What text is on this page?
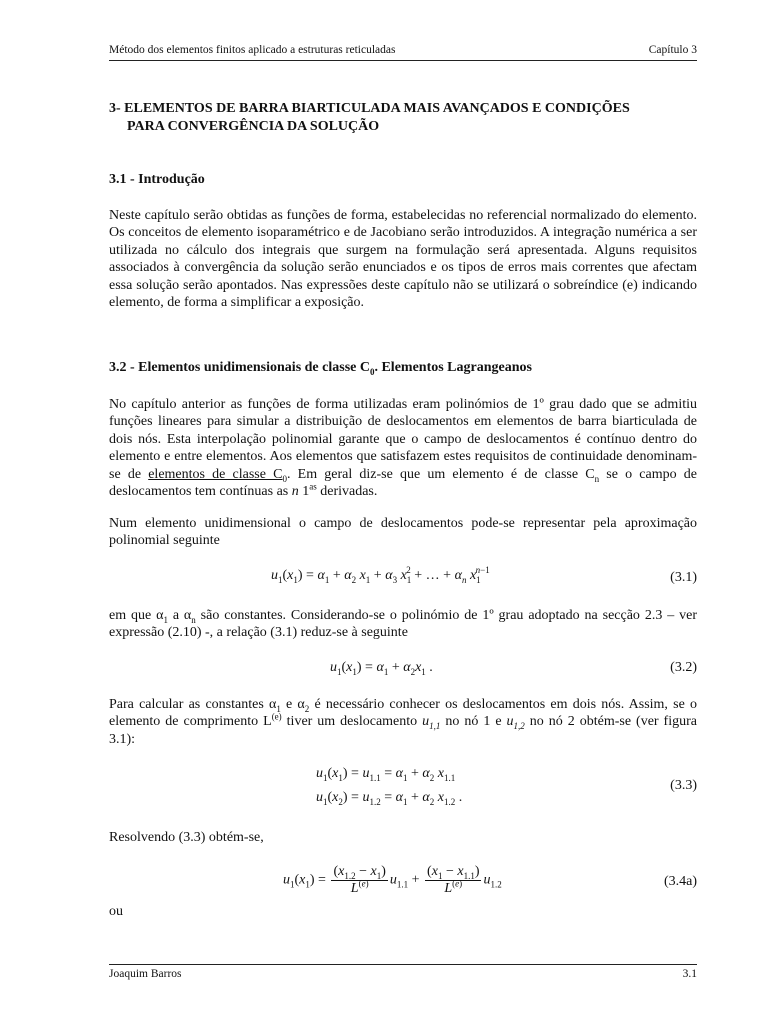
Método dos elementos finitos aplicado a estruturas reticuladas	Capítulo 3
3- ELEMENTOS DE BARRA BIARTICULADA MAIS AVANÇADOS E CONDIÇÕES
PARA CONVERGÊNCIA DA SOLUÇÃO
3.1 - Introdução
Neste capítulo serão obtidas as funções de forma, estabelecidas no referencial normalizado do elemento. Os conceitos de elemento isoparamétrico e de Jacobiano serão introduzidos. A integração numérica a ser utilizada no cálculo dos integrais que surgem na formulação será apresentada. Alguns requisitos associados à convergência da solução serão enunciados e os tipos de erros mais correntes que afectam essa solução serão apontados. Nas expressões deste capítulo não se utilizará o sobreíndice (e) indicando elemento, de forma a simplificar a exposição.
3.2 - Elementos unidimensionais de classe $C_0$. Elementos Lagrangeanos
No capítulo anterior as funções de forma utilizadas eram polinómios de 1º grau dado que se admitiu funções lineares para simular a distribuição de deslocamentos em elementos de barra biarticulada de dois nós. Esta interpolação polinomial garante que o campo de deslocamentos é contínuo dentro do elemento e entre elementos. Aos elementos que satisfazem estes requisitos de continuidade denominam-se de elementos de classe $C_0$. Em geral diz-se que um elemento é de classe $C_n$ se o campo de deslocamentos tem contínuas as n $1^{as}$ derivadas.
Num elemento unidimensional o campo de deslocamentos pode-se representar pela aproximação polinomial seguinte
$u_1(x_1) = \alpha_1 + \alpha_2$ $x_1 + \alpha_3$ $x_1^2$ + … + $\alpha_n$ $x_1^{n-1}$	(3.1)
em que $\alpha_1$ a $\alpha_n$ são constantes. Considerando-se o polinómio de 1º grau adoptado na secção 2.3 – ver expressão (2.10) -, a relação (3.1) reduz-se à seguinte
$u_1(x_1) = \alpha_1 + \alpha_2x_1$ .	(3.2)
Para calcular as constantes $\alpha_1$ e $\alpha_2$ é necessário conhecer os deslocamentos em dois nós. Assim, se o elemento de comprimento $L^{(e)}$ tiver um deslocamento $u_{1,1}$ no nó 1 e $u_{1,2}$ no nó 2 obtém-se (ver figura 3.1):
$u_1(x_1) = u_{1.1} = \alpha_1 + \alpha_2$ $x_{1.1}$
$u_1(x_2) = u_{1.2} = \alpha_1 + \alpha_2$ $x_{1.2}$ .
(3.3)
Resolvendo (3.3) obtém-se,
$u_1(x_1) = \frac{(x_{1.2} - x_1)}{L^{(e)}} u_{1.1} + \frac{(x_1 - x_{1.1})}{L^{(e)}} u_{1.2}$	(3.4a)
ou
Joaquim Barros	3.1
